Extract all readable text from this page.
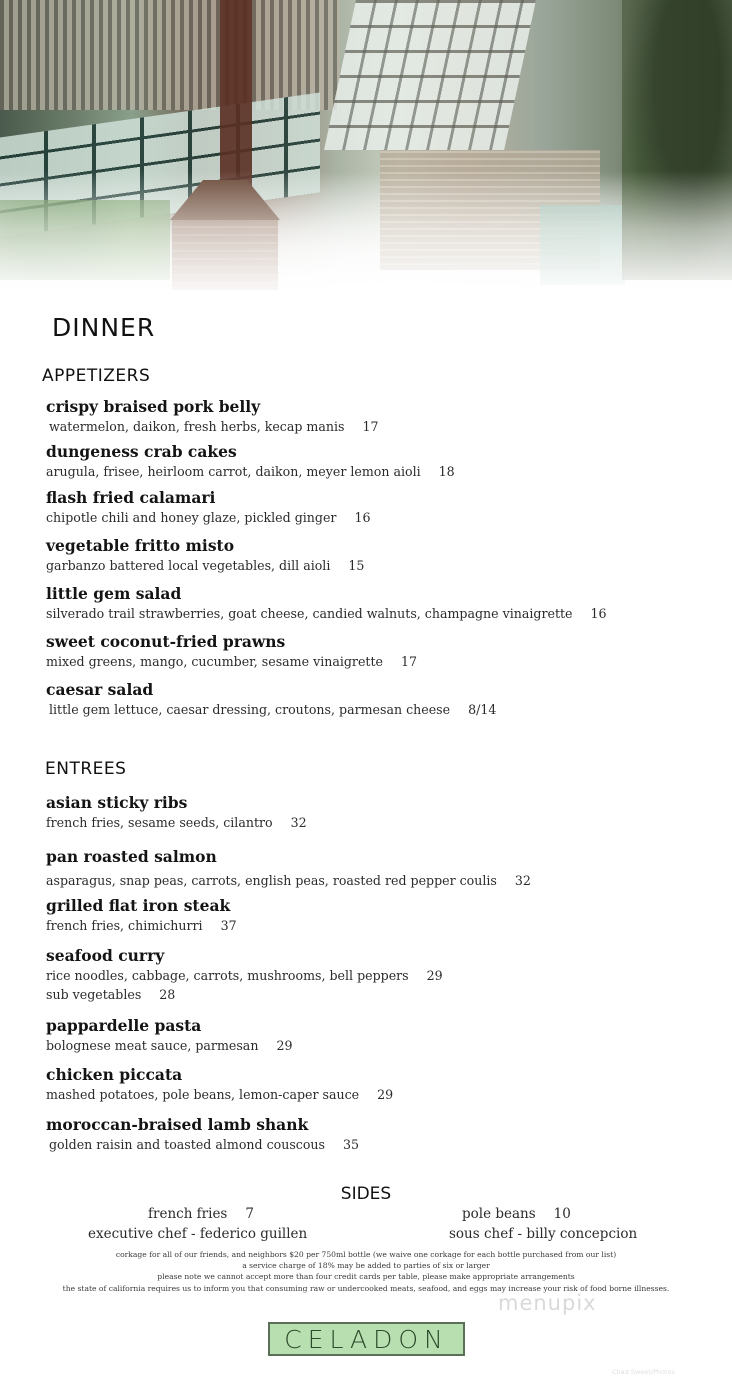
DINNER
APPETIZERS
crispy braised pork belly
watermelon, daikon, fresh herbs, kecap manis 17
dungeness crab cakes
arugula, frisee, heirloom carrot, daikon, meyer lemon aioli 18
flash fried calamari
chipotle chili and honey glaze, pickled ginger 16
vegetable fritto misto
garbanzo battered local vegetables, dill aioli 15
little gem salad
silverado trail strawberries, goat cheese, candied walnuts, champagne vinaigrette 16
sweet coconut-fried prawns
mixed greens, mango, cucumber, sesame vinaigrette 17
caesar salad
little gem lettuce, caesar dressing, croutons, parmesan cheese 8/14
ENTREES
asian sticky ribs
french fries, sesame seeds, cilantro 32
pan roasted salmon
asparagus, snap peas, carrots, english peas, roasted red pepper coulis 32
grilled flat iron steak
french fries, chimichurri 37
seafood curry
rice noodles, cabbage, carrots, mushrooms, bell peppers 29
sub vegetables 28
pappardelle pasta
bolognese meat sauce, parmesan 29
chicken piccata
mashed potatoes, pole beans, lemon-caper sauce 29
moroccan-braised lamb shank
golden raisin and toasted almond couscous 35
SIDES
french fries 7	pole beans 10
executive chef - federico guillen	sous chef - billy concepcion
corkage for all of our friends, and neighbors $20 per 750ml bottle (we waive one corkage for each bottle purchased from our list)
a service charge of 18% may be added to parties of six or larger
please note we cannot accept more than four credit cards per table, please make appropriate arrangements
the state of california requires us to inform you that consuming raw or undercooked meats, seafood, and eggs may increase your risk of food borne illnesses.
menupix
CELADON
Chad Sweet/Photos
